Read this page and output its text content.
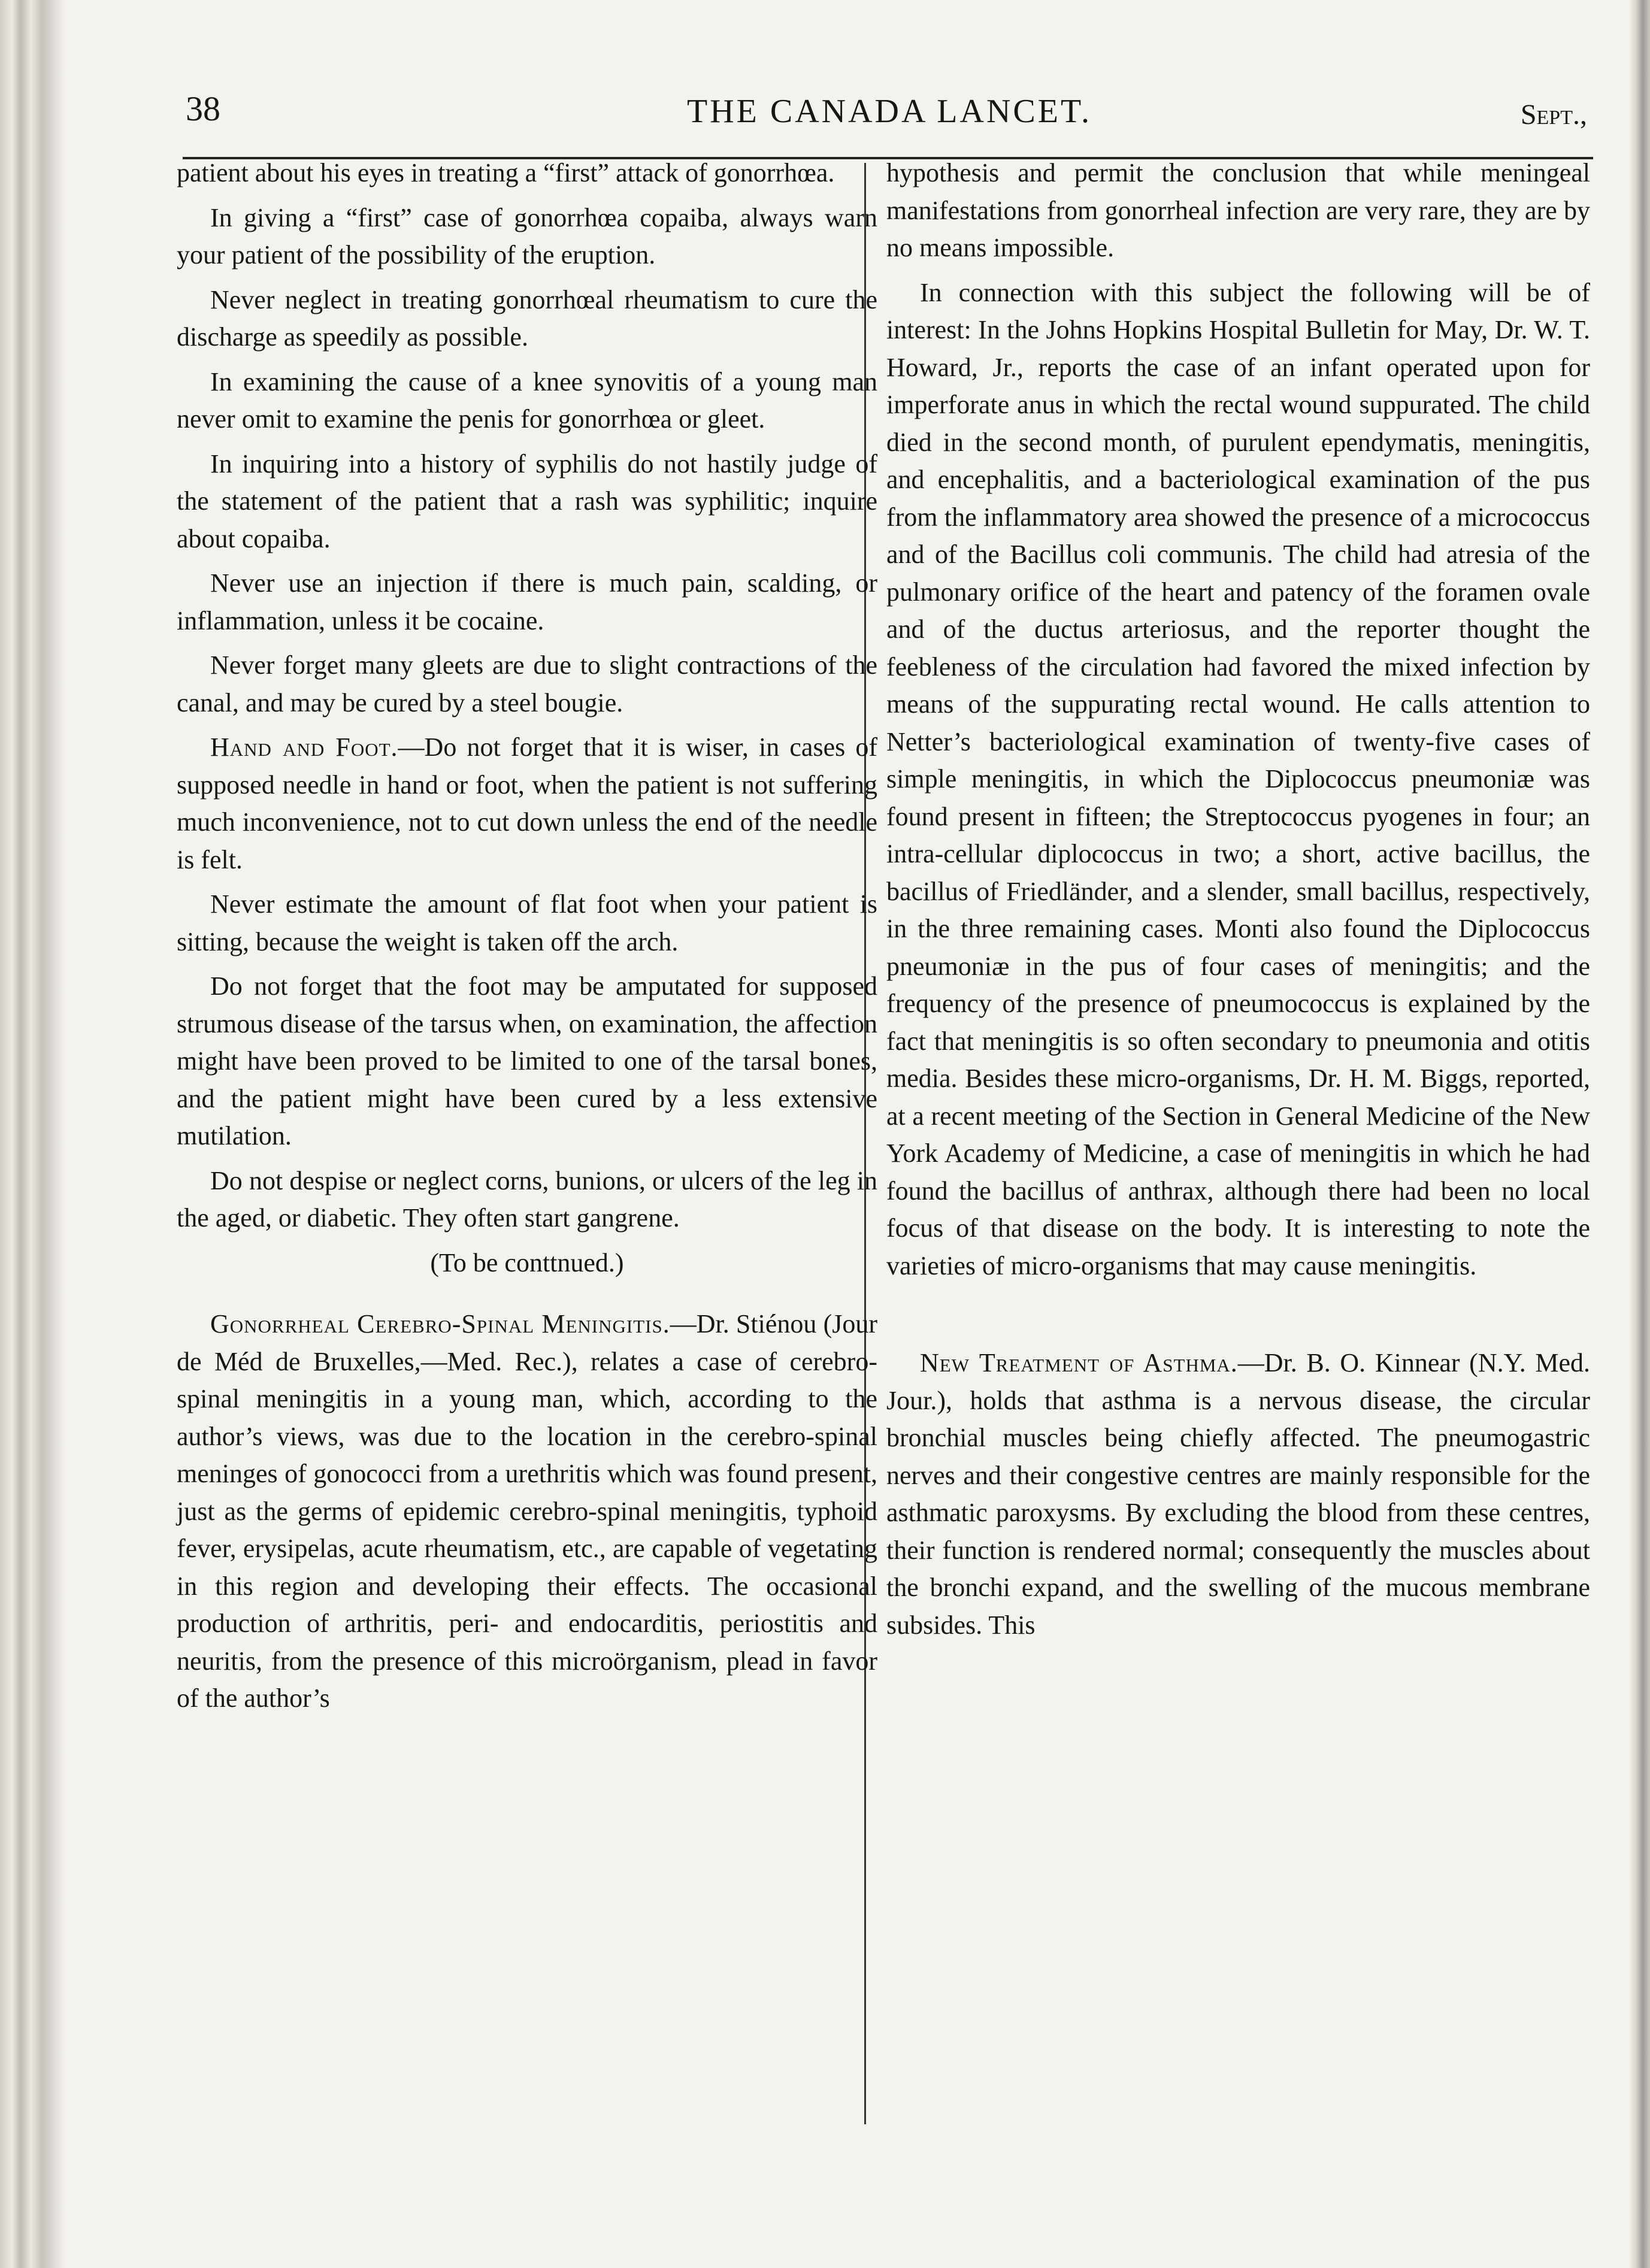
38	THE CANADA LANCET.	Sept.,

patient about his eyes in treating a “first” attack of gonorrhœa.

In giving a “first” case of gonorrhœa copaiba, always warn your patient of the possibility of the eruption.

Never neglect in treating gonorrhœal rheumatism to cure the discharge as speedily as possible.

In examining the cause of a knee synovitis of a young man never omit to examine the penis for gonorrhœa or gleet.

In inquiring into a history of syphilis do not hastily judge of the statement of the patient that a rash was syphilitic; inquire about copaiba.

Never use an injection if there is much pain, scalding, or inflammation, unless it be cocaine.

Never forget many gleets are due to slight contractions of the canal, and may be cured by a steel bougie.

Hand and Foot.—Do not forget that it is wiser, in cases of supposed needle in hand or foot, when the patient is not suffering much inconvenience, not to cut down unless the end of the needle is felt.

Never estimate the amount of flat foot when your patient is sitting, because the weight is taken off the arch.

Do not forget that the foot may be amputated for supposed strumous disease of the tarsus when, on examination, the affection might have been proved to be limited to one of the tarsal bones, and the patient might have been cured by a less extensive mutilation.

Do not despise or neglect corns, bunions, or ulcers of the leg in the aged, or diabetic. They often start gangrene.

(To be conttnued.)

Gonorrheal Cerebro-Spinal Meningitis.—Dr. Stiénou (Jour de Méd de Bruxelles,—Med. Rec.), relates a case of cerebro-spinal meningitis in a young man, which, according to the author’s views, was due to the location in the cerebro-spinal meninges of gonococci from a urethritis which was found present, just as the germs of epidemic cerebro-spinal meningitis, typhoid fever, erysipelas, acute rheumatism, etc., are capable of vegetating in this region and developing their effects. The occasional production of arthritis, peri- and endocarditis, periostitis and neuritis, from the presence of this microörganism, plead in favor of the author’s

hypothesis and permit the conclusion that while meningeal manifestations from gonorrheal infection are very rare, they are by no means impossible.

In connection with this subject the following will be of interest: In the Johns Hopkins Hospital Bulletin for May, Dr. W. T. Howard, Jr., reports the case of an infant operated upon for imperforate anus in which the rectal wound suppurated. The child died in the second month, of purulent ependymatis, meningitis, and encephalitis, and a bacteriological examination of the pus from the inflammatory area showed the presence of a micrococcus and of the Bacillus coli communis. The child had atresia of the pulmonary orifice of the heart and patency of the foramen ovale and of the ductus arteriosus, and the reporter thought the feebleness of the circulation had favored the mixed infection by means of the suppurating rectal wound. He calls attention to Netter’s bacteriological examination of twenty-five cases of simple meningitis, in which the Diplococcus pneumoniæ was found present in fifteen; the Streptococcus pyogenes in four; an intra-cellular diplococcus in two; a short, active bacillus, the bacillus of Friedländer, and a slender, small bacillus, respectively, in the three remaining cases. Monti also found the Diplococcus pneumoniæ in the pus of four cases of meningitis; and the frequency of the presence of pneumococcus is explained by the fact that meningitis is so often secondary to pneumonia and otitis media. Besides these micro-organisms, Dr. H. M. Biggs, reported, at a recent meeting of the Section in General Medicine of the New York Academy of Medicine, a case of meningitis in which he had found the bacillus of anthrax, although there had been no local focus of that disease on the body. It is interesting to note the varieties of micro-organisms that may cause meningitis.

New Treatment of Asthma.—Dr. B. O. Kinnear (N.Y. Med. Jour.), holds that asthma is a nervous disease, the circular bronchial muscles being chiefly affected. The pneumogastric nerves and their congestive centres are mainly responsible for the asthmatic paroxysms. By excluding the blood from these centres, their function is rendered normal; consequently the muscles about the bronchi expand, and the swelling of the mucous membrane subsides. This
